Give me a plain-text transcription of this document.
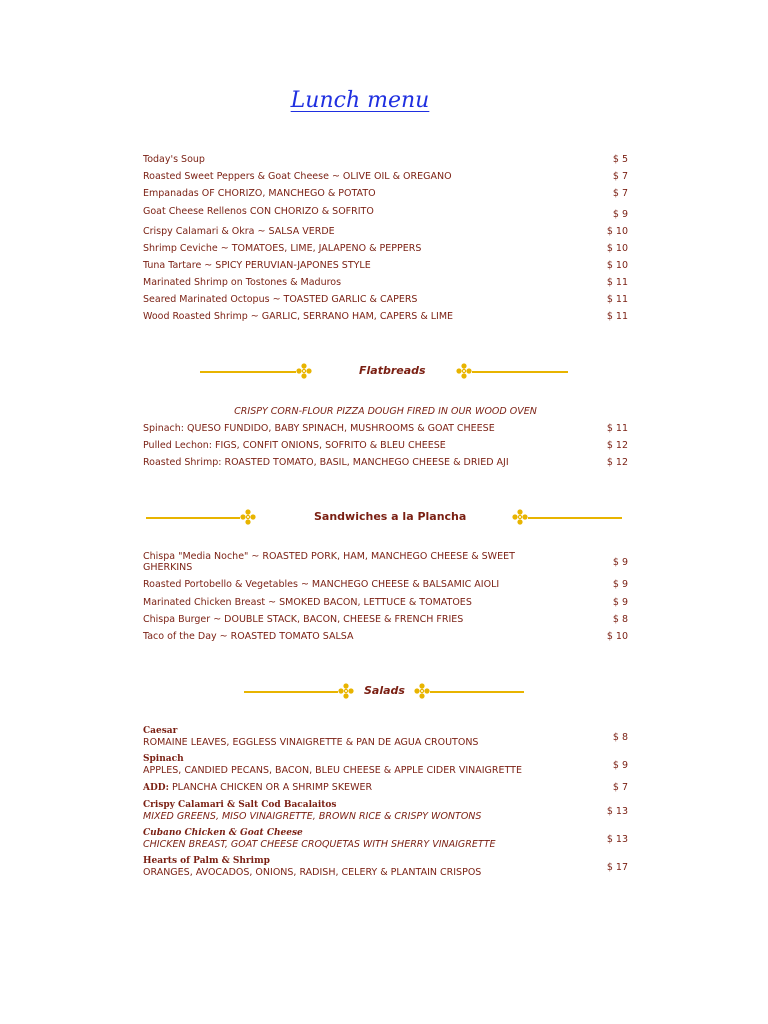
Lunch menu
Today's Soup	$ 5
Roasted Sweet Peppers & Goat Cheese ~ OLIVE OIL & OREGANO	$ 7
Empanadas OF CHORIZO, MANCHEGO & POTATO	$ 7
Goat Cheese Rellenos CON CHORIZO & SOFRITO	$ 9
Crispy Calamari & Okra ~ SALSA VERDE	$ 10
Shrimp Ceviche ~ TOMATOES, LIME, JALAPENO & PEPPERS	$ 10
Tuna Tartare ~ SPICY PERUVIAN-JAPONES STYLE	$ 10
Marinated Shrimp on Tostones & Maduros	$ 11
Seared Marinated Octopus ~ TOASTED GARLIC & CAPERS	$ 11
Wood Roasted Shrimp ~ GARLIC, SERRANO HAM, CAPERS & LIME	$ 11
Flatbreads
CRISPY CORN-FLOUR PIZZA DOUGH FIRED IN OUR WOOD OVEN
Spinach: QUESO FUNDIDO, BABY SPINACH, MUSHROOMS & GOAT CHEESE	$ 11
Pulled Lechon: FIGS, CONFIT ONIONS, SOFRITO & BLEU CHEESE	$ 12
Roasted Shrimp: ROASTED TOMATO, BASIL, MANCHEGO CHEESE & DRIED AJI	$ 12
Sandwiches a la Plancha
Chispa "Media Noche" ~ ROASTED PORK, HAM, MANCHEGO CHEESE & SWEET GHERKINS	$ 9
Roasted Portobello & Vegetables ~ MANCHEGO CHEESE & BALSAMIC AIOLI	$ 9
Marinated Chicken Breast ~ SMOKED BACON, LETTUCE & TOMATOES	$ 9
Chispa Burger ~ DOUBLE STACK, BACON, CHEESE & FRENCH FRIES	$ 8
Taco of the Day ~ ROASTED TOMATO SALSA	$ 10
Salads
Caesar
ROMAINE LEAVES, EGGLESS VINAIGRETTE & PAN DE AGUA CROUTONS	$ 8
Spinach
APPLES, CANDIED PECANS, BACON, BLEU CHEESE & APPLE CIDER VINAIGRETTE	$ 9
ADD: PLANCHA CHICKEN OR A SHRIMP SKEWER	$ 7
Crispy Calamari & Salt Cod Bacalaitos
MIXED GREENS, MISO VINAIGRETTE, BROWN RICE & CRISPY WONTONS	$ 13
Cubano Chicken & Goat Cheese
CHICKEN BREAST, GOAT CHEESE CROQUETAS WITH SHERRY VINAIGRETTE	$ 13
Hearts of Palm & Shrimp
ORANGES, AVOCADOS, ONIONS, RADISH, CELERY & PLANTAIN CRISPOS	$ 17
